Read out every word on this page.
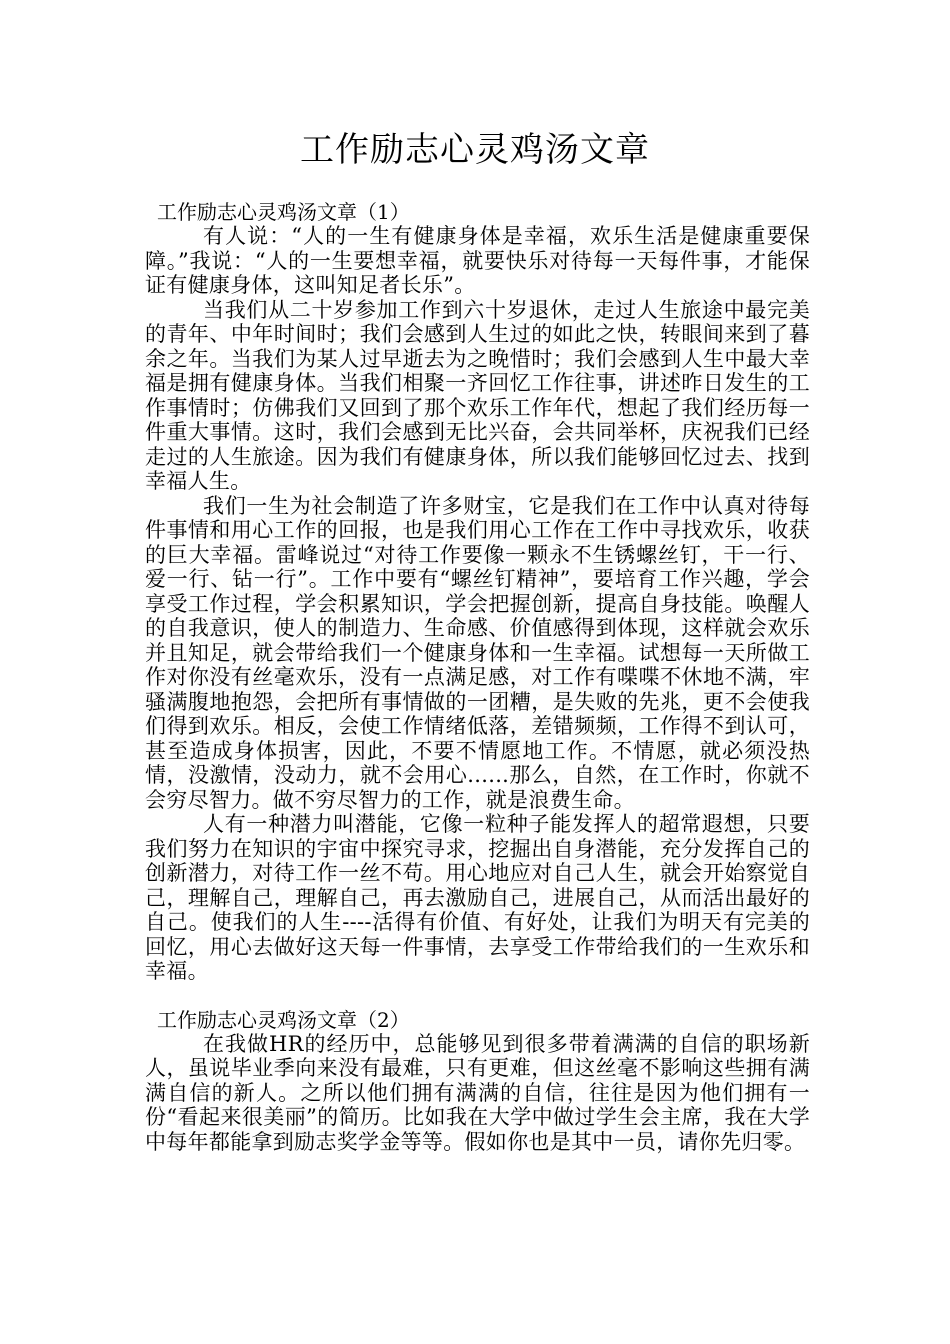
工作励志心灵鸡汤文章
工作励志心灵鸡汤文章（1）

有人说：“人的一生有健康身体是幸福，欢乐生活是健康重要保障。”我说：“人的一生要想幸福，就要快乐对待每一天每件事，才能保证有健康身体，这叫知足者长乐”。

当我们从二十岁参加工作到六十岁退休，走过人生旅途中最完美的青年、中年时间时；我们会感到人生过的如此之快，转眼间来到了暮余之年。当我们为某人过早逝去为之晚惜时；我们会感到人生中最大幸福是拥有健康身体。当我们相聚一齐回忆工作往事，讲述昨日发生的工作事情时；仿佛我们又回到了那个欢乐工作年代，想起了我们经历每一件重大事情。这时，我们会感到无比兴奋，会共同举杯，庆祝我们已经走过的人生旅途。因为我们有健康身体，所以我们能够回忆过去、找到幸福人生。

我们一生为社会制造了许多财宝，它是我们在工作中认真对待每件事情和用心工作的回报，也是我们用心工作在工作中寻找欢乐，收获的巨大幸福。雷峰说过“对待工作要像一颗永不生锈螺丝钉，干一行、爱一行、钻一行”。工作中要有“螺丝钉精神”，要培育工作兴趣，学会享受工作过程，学会积累知识，学会把握创新，提高自身技能。唤醒人的自我意识，使人的制造力、生命感、价值感得到体现，这样就会欢乐并且知足，就会带给我们一个健康身体和一生幸福。试想每一天所做工作对你没有丝毫欢乐，没有一点满足感，对工作有喋喋不休地不满，牢骚满腹地抱怨，会把所有事情做的一团糟，是失败的先兆，更不会使我们得到欢乐。相反，会使工作情绪低落，差错频频，工作得不到认可，甚至造成身体损害，因此，不要不情愿地工作。不情愿，就必须没热情，没激情，没动力，就不会用心......那么，自然，在工作时，你就不会穷尽智力。做不穷尽智力的工作，就是浪费生命。

人有一种潜力叫潜能，它像一粒种子能发挥人的超常遐想，只要我们努力在知识的宇宙中探究寻求，挖掘出自身潜能，充分发挥自己的创新潜力，对待工作一丝不苟。用心地应对自己人生，就会开始察觉自己，理解自己，理解自己，再去激励自己，进展自己，从而活出最好的自己。使我们的人生----活得有价值、有好处，让我们为明天有完美的回忆，用心去做好这天每一件事情，去享受工作带给我们的一生欢乐和幸福。

工作励志心灵鸡汤文章（2）

在我做HR的经历中，总能够见到很多带着满满的自信的职场新人，虽说毕业季向来没有最难，只有更难，但这丝毫不影响这些拥有满满自信的新人。之所以他们拥有满满的自信，往往是因为他们拥有一份“看起来很美丽”的简历。比如我在大学中做过学生会主席，我在大学中每年都能拿到励志奖学金等等。假如你也是其中一员，请你先归零。
